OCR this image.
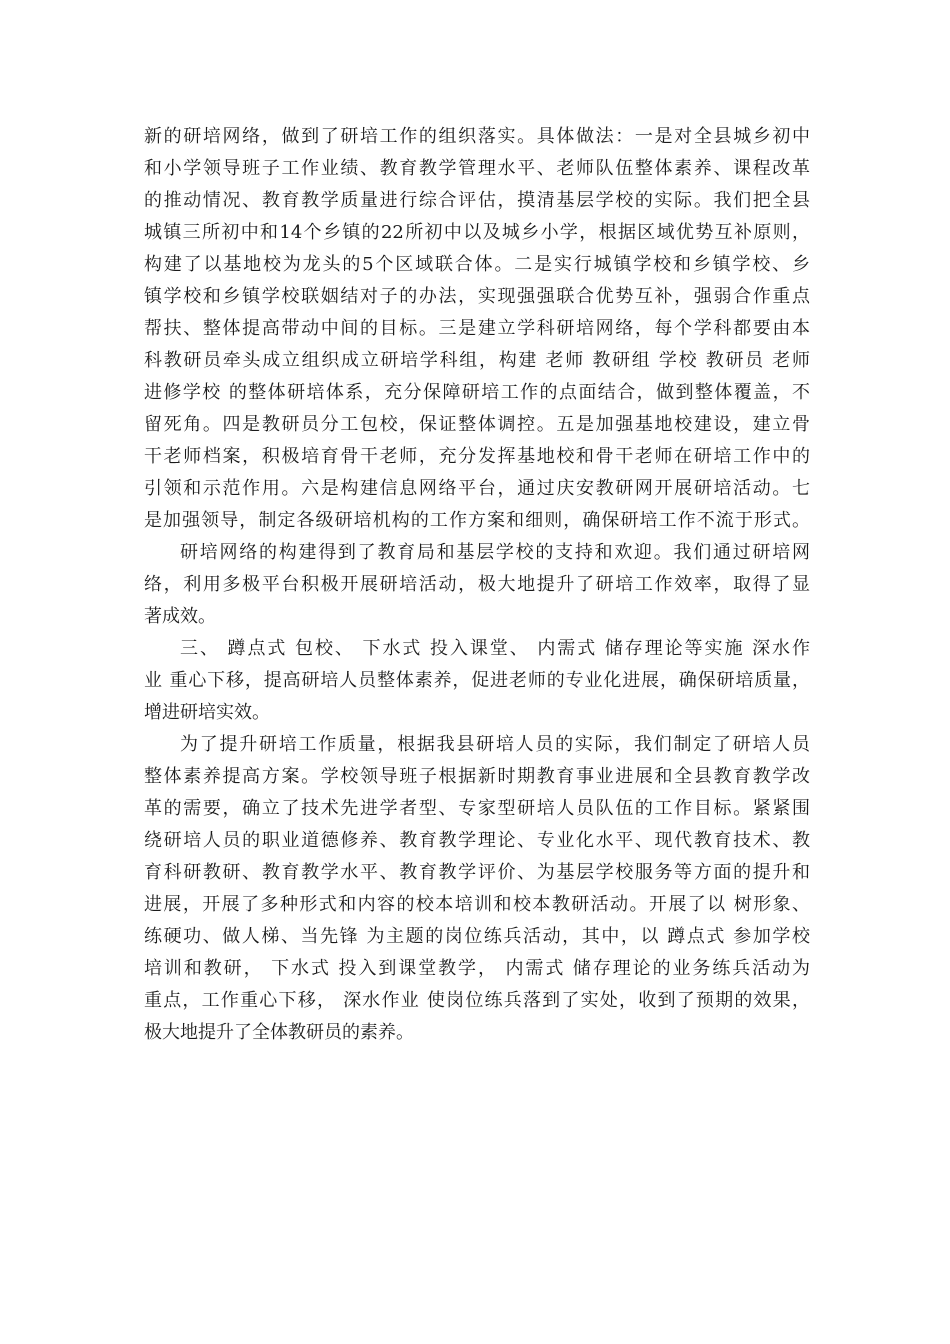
新的研培网络，做到了研培工作的组织落实。具体做法：一是对全县城乡初中
和小学领导班子工作业绩、教育教学管理水平、老师队伍整体素养、课程改革
的推动情况、教育教学质量进行综合评估，摸清基层学校的实际。我们把全县
城镇三所初中和14个乡镇的22所初中以及城乡小学，根据区域优势互补原则，
构建了以基地校为龙头的5个区域联合体。二是实行城镇学校和乡镇学校、乡
镇学校和乡镇学校联姻结对子的办法，实现强强联合优势互补，强弱合作重点
帮扶、整体提高带动中间的目标。三是建立学科研培网络，每个学科都要由本
科教研员牵头成立组织成立研培学科组，构建 老师 教研组 学校 教研员 老师
进修学校 的整体研培体系，充分保障研培工作的点面结合，做到整体覆盖，不
留死角。四是教研员分工包校，保证整体调控。五是加强基地校建设，建立骨
干老师档案，积极培育骨干老师，充分发挥基地校和骨干老师在研培工作中的
引领和示范作用。六是构建信息网络平台，通过庆安教研网开展研培活动。七
是加强领导，制定各级研培机构的工作方案和细则，确保研培工作不流于形式。
研培网络的构建得到了教育局和基层学校的支持和欢迎。我们通过研培网
络，利用多极平台积极开展研培活动，极大地提升了研培工作效率，取得了显
著成效。
三、 蹲点式 包校、 下水式 投入课堂、 内需式 储存理论等实施 深水作
业 重心下移，提高研培人员整体素养，促进老师的专业化进展，确保研培质量，
增进研培实效。
为了提升研培工作质量，根据我县研培人员的实际，我们制定了研培人员
整体素养提高方案。学校领导班子根据新时期教育事业进展和全县教育教学改
革的需要，确立了技术先进学者型、专家型研培人员队伍的工作目标。紧紧围
绕研培人员的职业道德修养、教育教学理论、专业化水平、现代教育技术、教
育科研教研、教育教学水平、教育教学评价、为基层学校服务等方面的提升和
进展，开展了多种形式和内容的校本培训和校本教研活动。开展了以 树形象、
练硬功、做人梯、当先锋 为主题的岗位练兵活动，其中，以 蹲点式 参加学校
培训和教研， 下水式 投入到课堂教学， 内需式 储存理论的业务练兵活动为
重点，工作重心下移， 深水作业 使岗位练兵落到了实处，收到了预期的效果，
极大地提升了全体教研员的素养。
